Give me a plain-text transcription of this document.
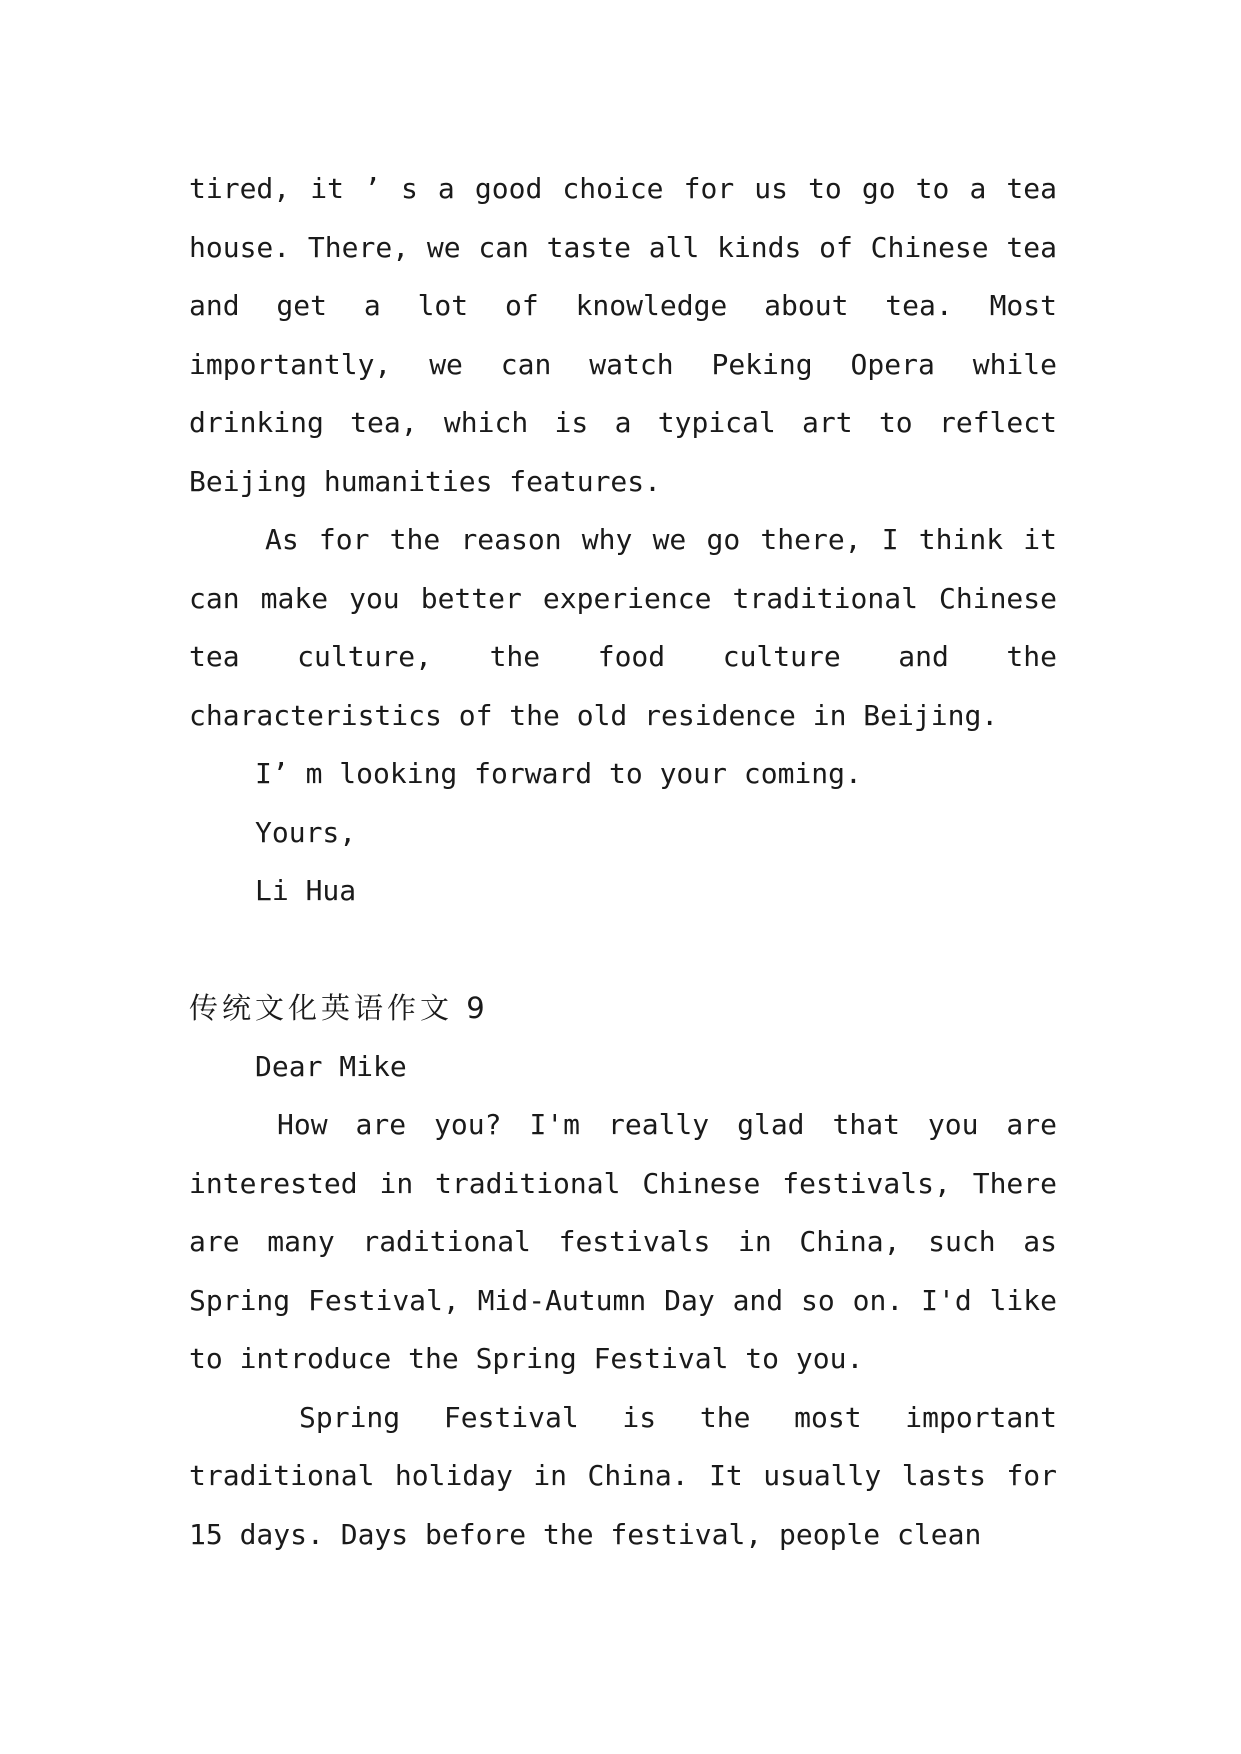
tired, it ’ s a good choice for us to go to a tea house. There, we can taste all kinds of Chinese tea and get a lot of knowledge about tea. Most importantly, we can watch Peking Opera while drinking tea, which is a typical art to reflect Beijing humanities features.

As for the reason why we go there, I think it can make you better experience traditional Chinese tea culture, the food culture and the characteristics of the old residence in Beijing.

I’ m looking forward to your coming.

Yours,

Li Hua

传统文化英语作文 9

Dear Mike

How are you? I'm really glad that you are interested in traditional Chinese festivals, There are many raditional festivals in China, such as Spring Festival, Mid-Autumn Day and so on. I'd like to introduce the Spring Festival to you.

Spring Festival is the most important traditional holiday in China. It usually lasts for 15 days. Days before the festival, people clean
